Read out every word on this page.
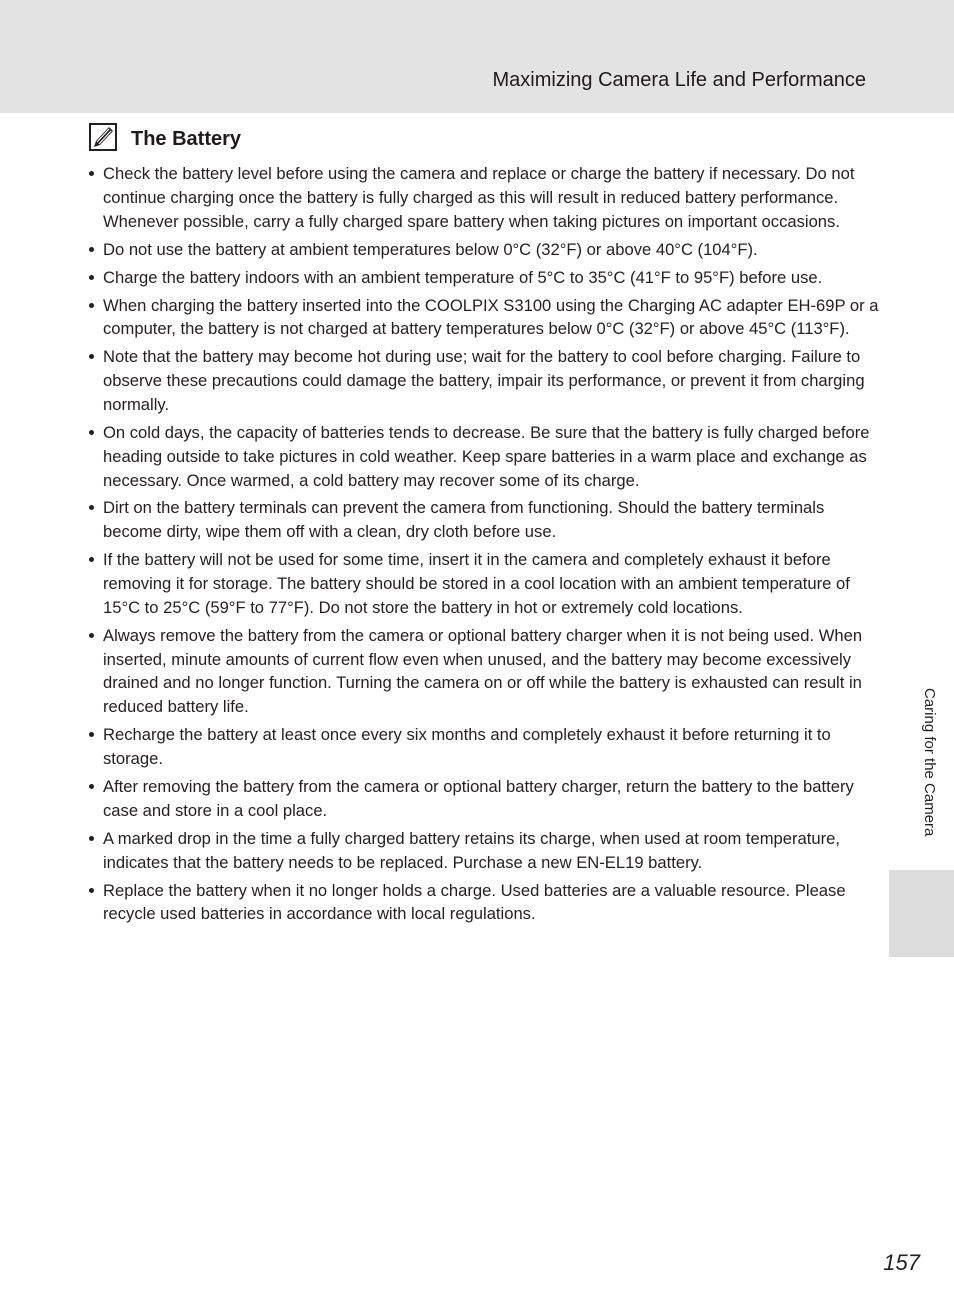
Maximizing Camera Life and Performance
The Battery
Check the battery level before using the camera and replace or charge the battery if necessary. Do not continue charging once the battery is fully charged as this will result in reduced battery performance. Whenever possible, carry a fully charged spare battery when taking pictures on important occasions.
Do not use the battery at ambient temperatures below 0°C (32°F) or above 40°C (104°F).
Charge the battery indoors with an ambient temperature of 5°C to 35°C (41°F to 95°F) before use.
When charging the battery inserted into the COOLPIX S3100 using the Charging AC adapter EH-69P or a computer, the battery is not charged at battery temperatures below 0°C (32°F) or above 45°C (113°F).
Note that the battery may become hot during use; wait for the battery to cool before charging. Failure to observe these precautions could damage the battery, impair its performance, or prevent it from charging normally.
On cold days, the capacity of batteries tends to decrease. Be sure that the battery is fully charged before heading outside to take pictures in cold weather. Keep spare batteries in a warm place and exchange as necessary. Once warmed, a cold battery may recover some of its charge.
Dirt on the battery terminals can prevent the camera from functioning. Should the battery terminals become dirty, wipe them off with a clean, dry cloth before use.
If the battery will not be used for some time, insert it in the camera and completely exhaust it before removing it for storage. The battery should be stored in a cool location with an ambient temperature of 15°C to 25°C (59°F to 77°F). Do not store the battery in hot or extremely cold locations.
Always remove the battery from the camera or optional battery charger when it is not being used. When inserted, minute amounts of current flow even when unused, and the battery may become excessively drained and no longer function. Turning the camera on or off while the battery is exhausted can result in reduced battery life.
Recharge the battery at least once every six months and completely exhaust it before returning it to storage.
After removing the battery from the camera or optional battery charger, return the battery to the battery case and store in a cool place.
A marked drop in the time a fully charged battery retains its charge, when used at room temperature, indicates that the battery needs to be replaced. Purchase a new EN-EL19 battery.
Replace the battery when it no longer holds a charge. Used batteries are a valuable resource. Please recycle used batteries in accordance with local regulations.
Caring for the Camera
157
